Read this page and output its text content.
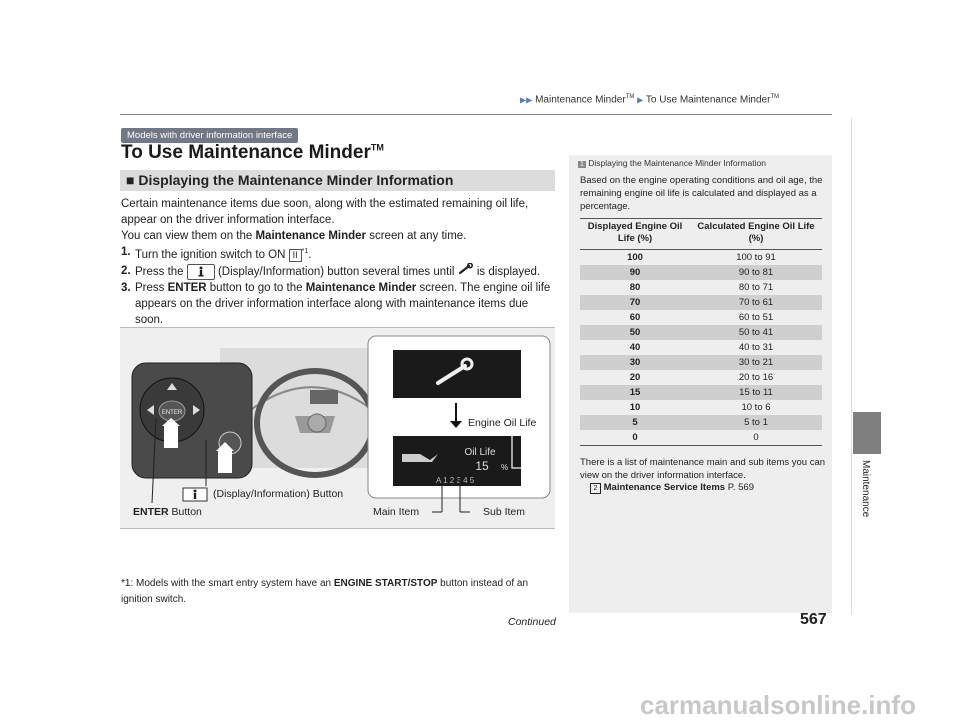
▶▶ Maintenance Minder™ ▶ To Use Maintenance Minder™
Models with driver information interface
To Use Maintenance Minder™
■ Displaying the Maintenance Minder Information

Certain maintenance items due soon, along with the estimated remaining oil life, appear on the driver information interface.

You can view them on the Maintenance Minder screen at any time.

1. Turn the ignition switch to ON II $^{*1}$.

2. Press the  (Display/Information) button several times until  is displayed.

3. Press ENTER button to go to the Maintenance Minder screen. The engine oil life appears on the driver information interface along with maintenance items due soon.

ENTER
Oil Life
15 %
A 1 2 3 4 5
Engine Oil Life
(Display/Information) Button
ENTER Button	Main Item	Sub Item
*1: Models with the smart entry system have an ENGINE START/STOP button instead of an ignition switch.
Continued
1 Displaying the Maintenance Minder Information
Based on the engine operating conditions and oil age, the remaining engine oil life is calculated and displayed as a percentage.
Displayed Engine Oil Life (%)	Calculated Engine Oil Life (%)
100	100 to 91
90	90 to 81
80	80 to 71
70	70 to 61
60	60 to 51
50	50 to 41
40	40 to 31
30	30 to 21
20	20 to 16
15	15 to 11
10	10 to 6
5	5 to 1
0	0
There is a list of maintenance main and sub items you can view on the driver information interface.
2 Maintenance Service Items P. 569
567
Maintenance
carmanualsonline.info
